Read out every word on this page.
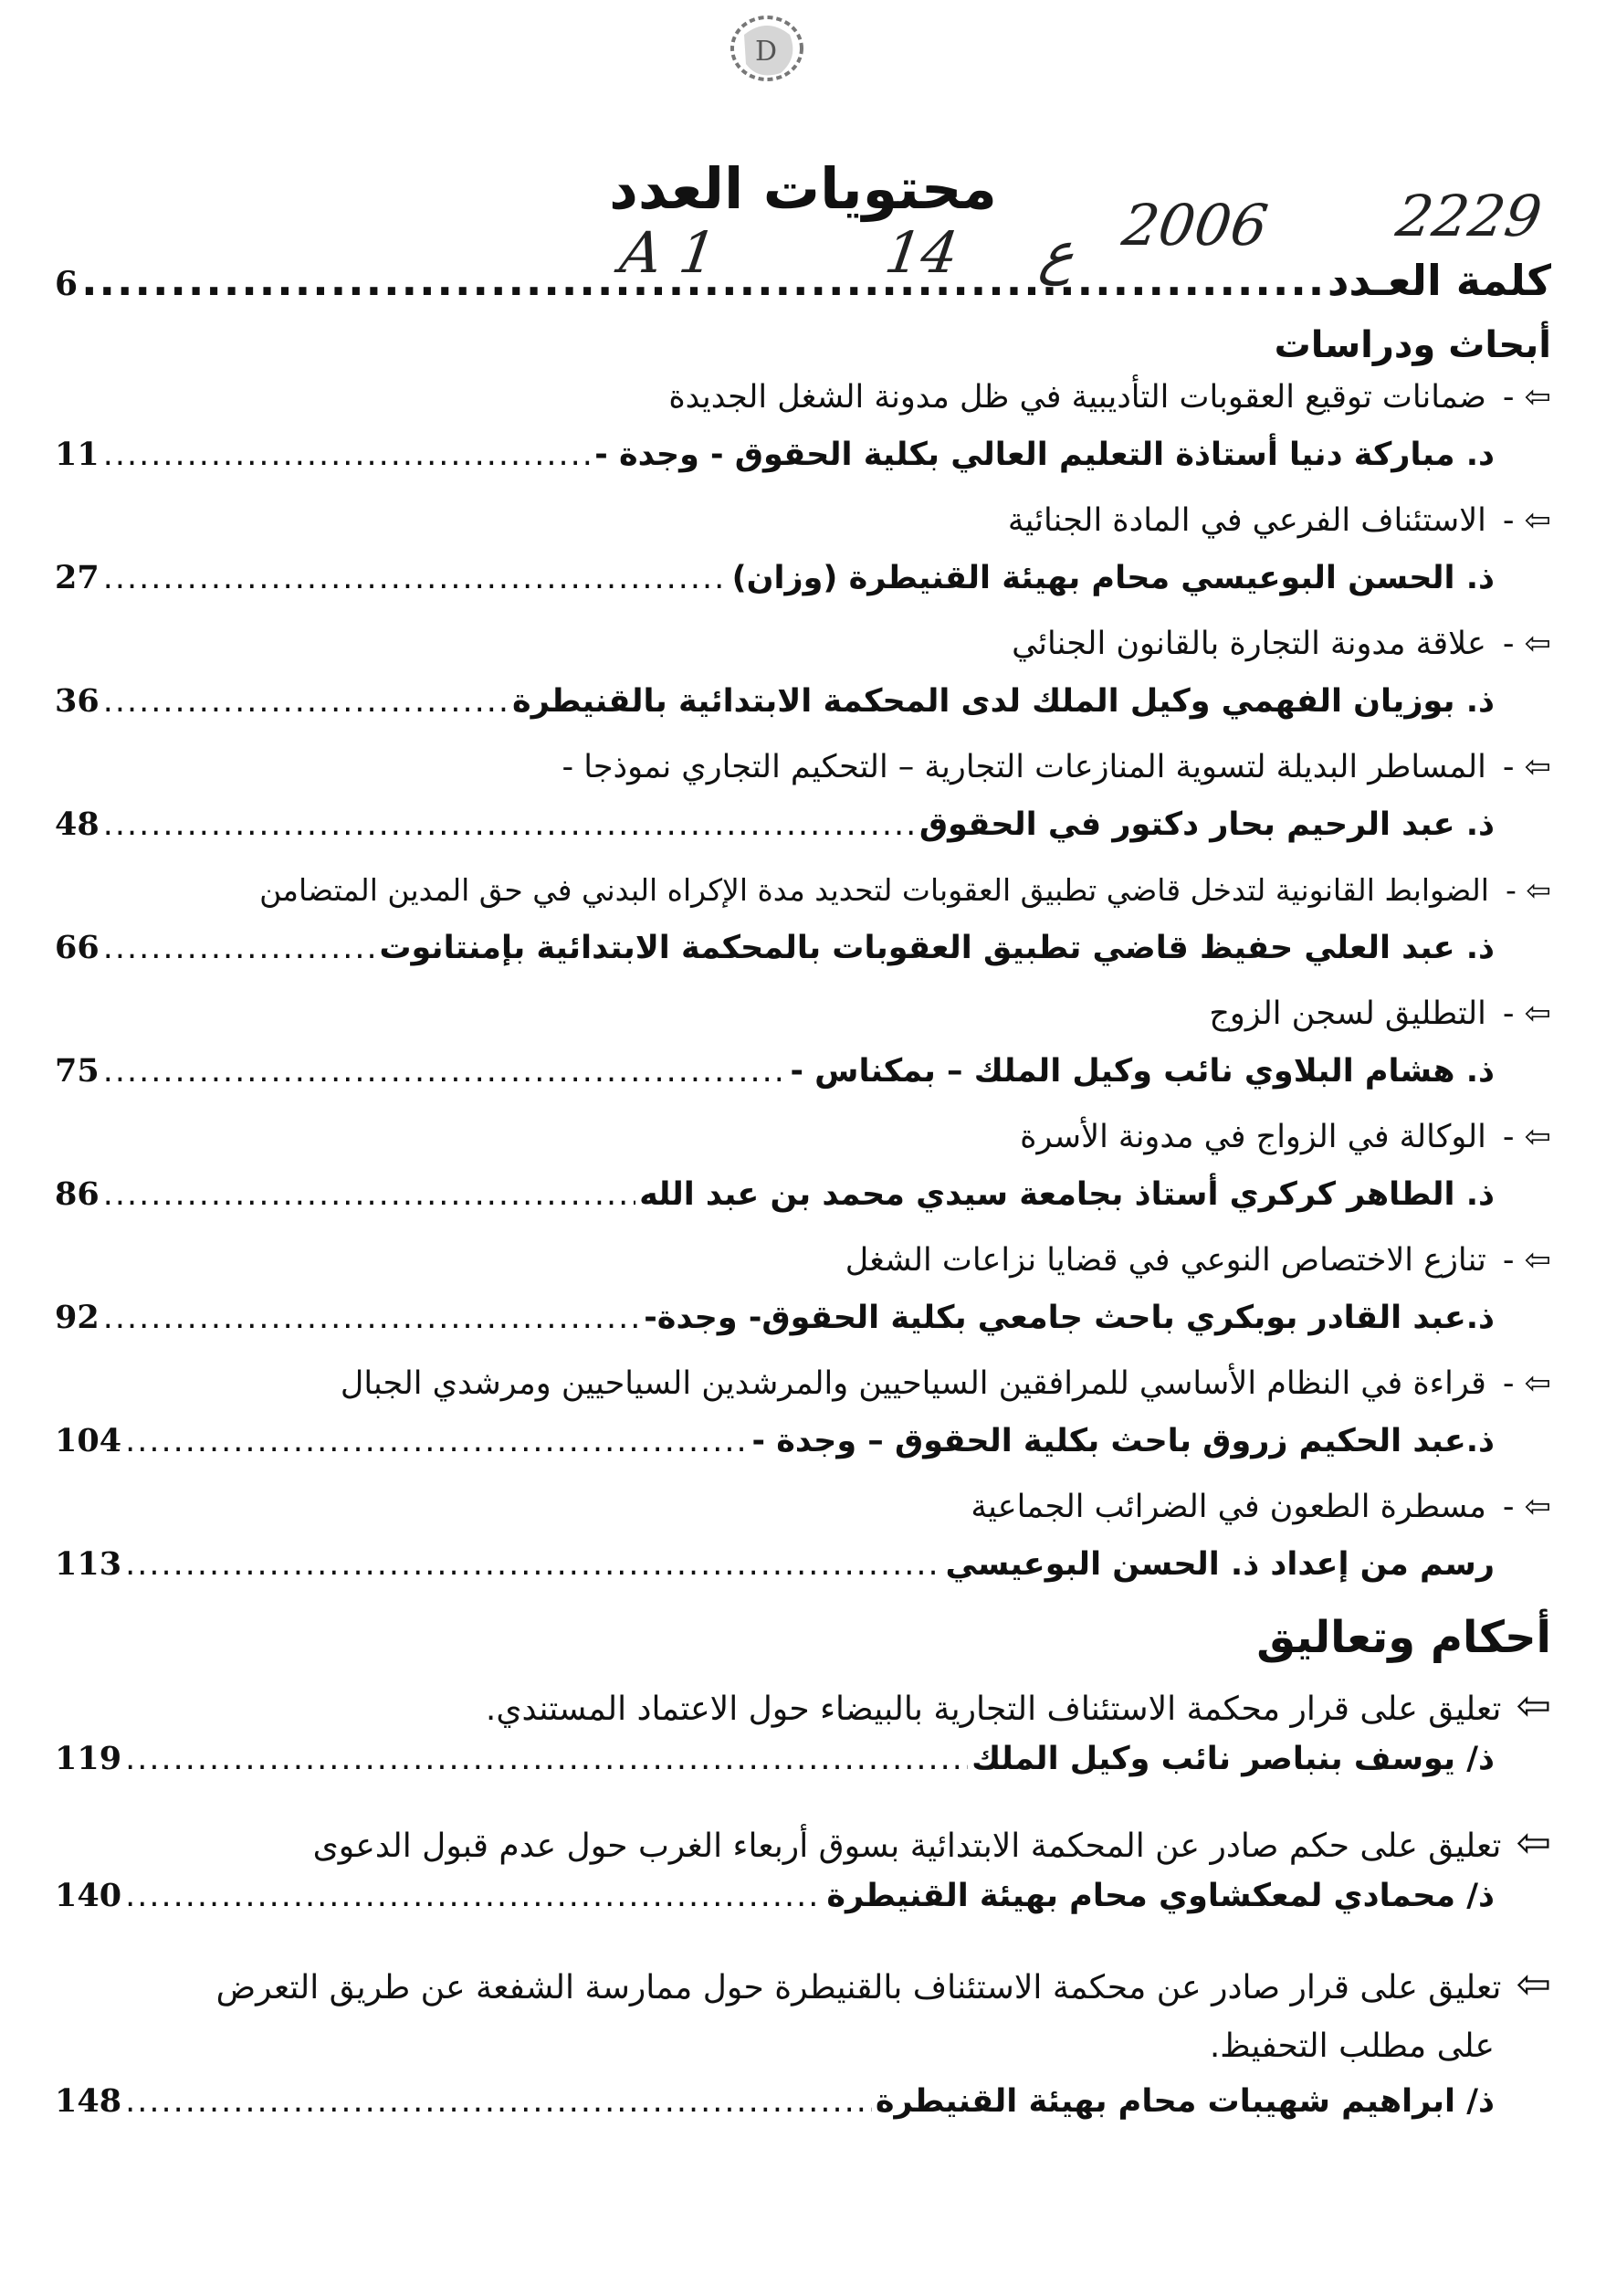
D
محتويات العدد
A 1	14 ع 2006 2229
كلمة العـدد
.....
6
أبحاث ودراسات
⇦ -ضمانات توقيع العقوبات التأديبية في ظل مدونة الشغل الجديدة
د. مباركة دنيا أستاذة التعليم العالي بكلية الحقوق - وجدة -
.....
11
⇦ -الاستئناف الفرعي في المادة الجنائية
ذ. الحسن البوعيسي محام بهيئة القنيطرة (وزان)
.....
27
⇦ -علاقة مدونة التجارة بالقانون الجنائي
ذ. بوزيان الفهمي وكيل الملك لدى المحكمة الابتدائية بالقنيطرة
.....
36
⇦ -المساطر البديلة لتسوية المنازعات التجارية – التحكيم التجاري نموذجا -
ذ. عبد الرحيم بحار دكتور في الحقوق
.....
48
⇦ -الضوابط القانونية لتدخل قاضي تطبيق العقوبات لتحديد مدة الإكراه البدني في حق المدين المتضامن
ذ. عبد العلي حفيظ قاضي تطبيق العقوبات بالمحكمة الابتدائية بإمنتانوت
.....
66
⇦ -التطليق لسجن الزوج
ذ. هشام البلاوي نائب وكيل الملك – بمكناس -
.....
75
⇦ -الوكالة في الزواج في مدونة الأسرة
ذ. الطاهر كركري أستاذ بجامعة سيدي محمد بن عبد الله
.....
86
⇦ -تنازع الاختصاص النوعي في قضايا نزاعات الشغل
ذ.عبد القادر بوبكري باحث جامعي بكلية الحقوق- وجدة-
.....
92
⇦ -قراءة في النظام الأساسي للمرافقين السياحيين والمرشدين السياحيين ومرشدي الجبال
ذ.عبد الحكيم زروق باحث بكلية الحقوق – وجدة -
.....
104
⇦ -مسطرة الطعون في الضرائب الجماعية
رسم من إعداد ذ. الحسن البوعيسي
.....
113
أحكام وتعاليق
⇦تعليق على قرار محكمة الاستئناف التجارية بالبيضاء حول الاعتماد المستندي.
ذ/ يوسف بنباصر نائب وكيل الملك
.....
119
⇦تعليق على حكم صادر عن المحكمة الابتدائية بسوق أربعاء الغرب حول عدم قبول الدعوى
ذ/ محمادي لمعكشاوي محام بهيئة القنيطرة
.....
140
⇦تعليق على قرار صادر عن محكمة الاستئناف بالقنيطرة حول ممارسة الشفعة عن طريق التعرض
على مطلب التحفيظ.
ذ/ ابراهيم شهيبات محام بهيئة القنيطرة
.....
148
